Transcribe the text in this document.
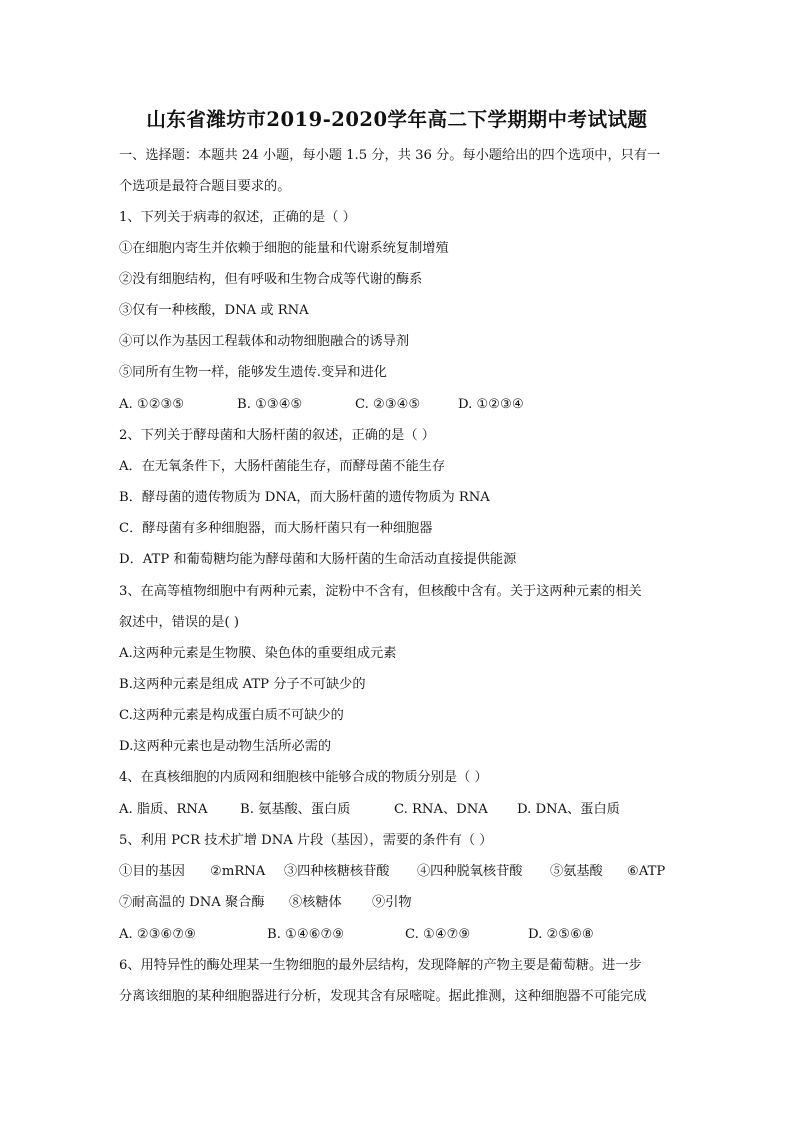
山东省潍坊市2019-2020学年高二下学期期中考试试题
一、选择题：本题共 24 小题，每小题 1.5 分，共 36 分。每小题给出的四个选项中，只有一
个选项是最符合题目要求的。
1、下列关于病毒的叙述，正确的是（ ）
①在细胞内寄生并依赖于细胞的能量和代谢系统复制增殖
②没有细胞结构，但有呼吸和生物合成等代谢的酶系
③仅有一种核酸，DNA 或 RNA
④可以作为基因工程载体和动物细胞融合的诱导剂
⑤同所有生物一样，能够发生遗传.变异和进化
A. ①②③⑤	B. ①③④⑤	C. ②③④⑤	D. ①②③④
2、下列关于酵母菌和大肠杆菌的叙述，正确的是（ ）
A．在无氧条件下，大肠杆菌能生存，而酵母菌不能生存
B．酵母菌的遗传物质为 DNA，而大肠杆菌的遗传物质为 RNA
C．酵母菌有多种细胞器，而大肠杆菌只有一种细胞器
D．ATP 和葡萄糖均能为酵母菌和大肠杆菌的生命活动直接提供能源
3、在高等植物细胞中有两种元素，淀粉中不含有，但核酸中含有。关于这两种元素的相关
叙述中，错误的是( )
A.这两种元素是生物膜、染色体的重要组成元素
B.这两种元素是组成 ATP 分子不可缺少的
C.这两种元素是构成蛋白质不可缺少的
D.这两种元素也是动物生活所必需的
4、在真核细胞的内质网和细胞核中能够合成的物质分别是（ ）
A. 脂质、RNA B. 氨基酸、蛋白质	C. RNA、DNA D. DNA、蛋白质
5、利用 PCR 技术扩增 DNA 片段（基因），需要的条件有（ ）
①目的基因 ②mRNA ③四种核糖核苷酸 ④四种脱氧核苷酸 ⑤氨基酸 ⑥ATP
⑦耐高温的 DNA 聚合酶 ⑧核糖体 ⑨引物
A. ②③⑥⑦⑨	B. ①④⑥⑦⑨	C. ①④⑦⑨	D. ②⑤⑥⑧
6、用特异性的酶处理某一生物细胞的最外层结构，发现降解的产物主要是葡萄糖。进一步
分离该细胞的某种细胞器进行分析，发现其含有尿嘧啶。据此推测，这种细胞器不可能完成
